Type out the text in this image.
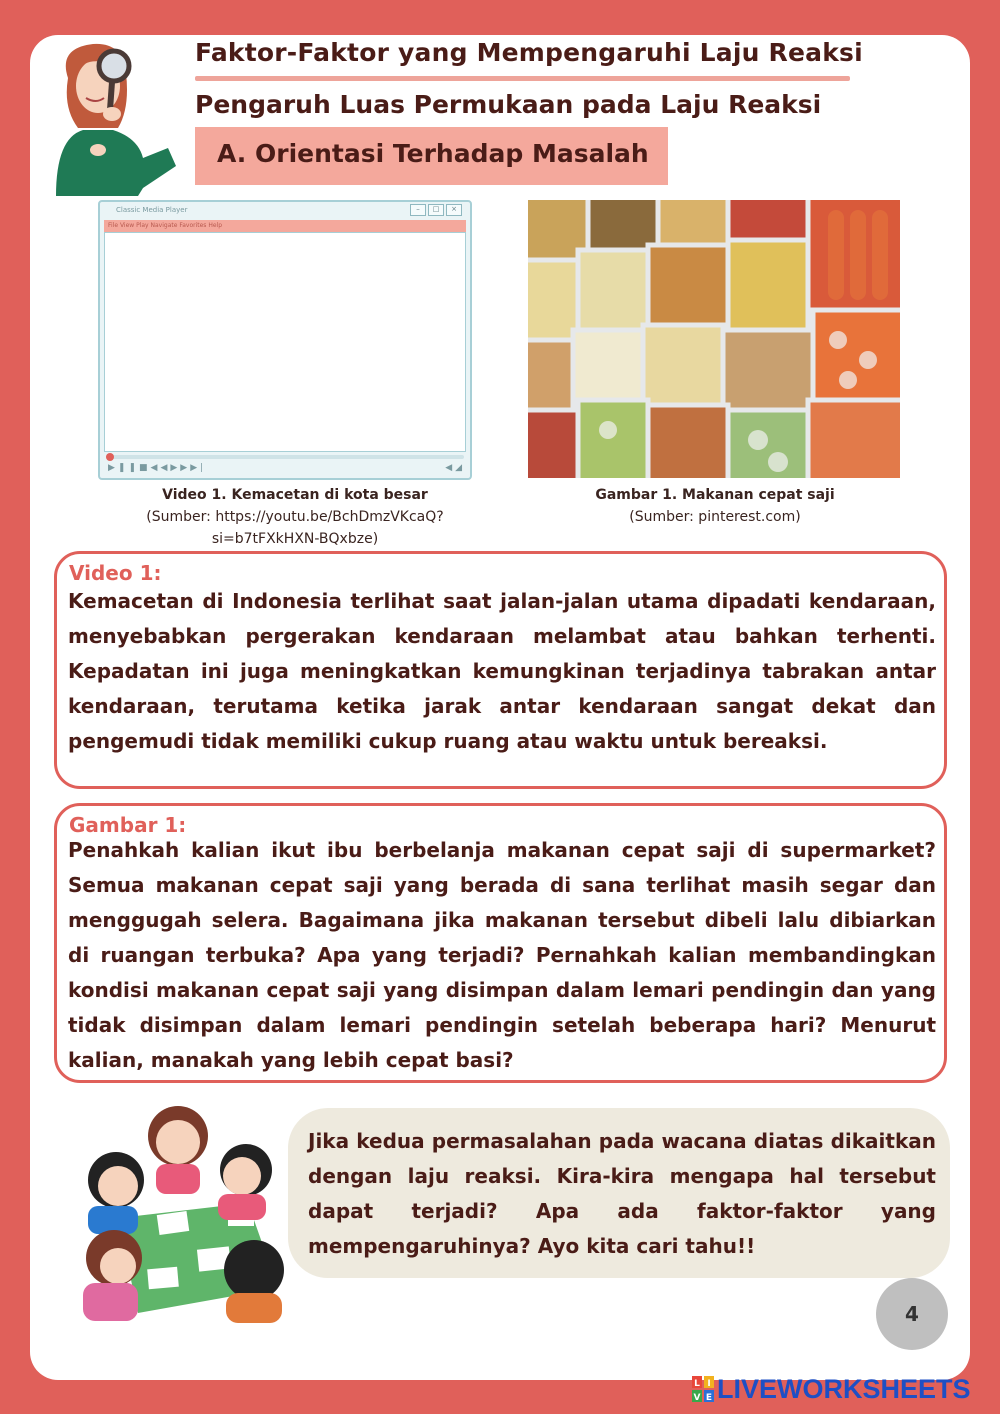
Faktor-Faktor yang Mempengaruhi Laju Reaksi
Pengaruh Luas Permukaan pada Laju Reaksi
A. Orientasi Terhadap Masalah
Classic Media Player	–	□	×
File View Play Navigate Favorites Help
▶❚❚■◀◀▶▶▶|	◀ ◢
Video 1. Kemacetan di kota besar
(Sumber: https://youtu.be/BchDmzVKcaQ?
si=b7tFXkHXN-BQxbze)
Gambar 1. Makanan cepat saji
(Sumber: pinterest.com)
Video 1:
Kemacetan di Indonesia terlihat saat jalan-jalan utama dipadati kendaraan, menyebabkan pergerakan kendaraan melambat atau bahkan terhenti. Kepadatan ini juga meningkatkan kemungkinan terjadinya tabrakan antar kendaraan, terutama ketika jarak antar kendaraan sangat dekat dan pengemudi tidak memiliki cukup ruang atau waktu untuk bereaksi.
Gambar 1:
Penahkah kalian ikut ibu berbelanja makanan cepat saji di supermarket? Semua makanan cepat saji yang berada di sana terlihat masih segar dan menggugah selera. Bagaimana jika makanan tersebut dibeli lalu dibiarkan di ruangan terbuka? Apa yang terjadi? Pernahkah kalian membandingkan kondisi makanan cepat saji yang disimpan dalam lemari pendingin dan yang tidak disimpan dalam lemari pendingin setelah beberapa hari? Menurut kalian, manakah yang lebih cepat basi?
Jika kedua permasalahan pada wacana diatas dikaitkan dengan laju reaksi. Kira-kira mengapa hal tersebut dapat terjadi? Apa ada faktor-faktor yang mempengaruhinya? Ayo kita cari tahu!!
4
L I
V E LIVEWORKSHEETS
